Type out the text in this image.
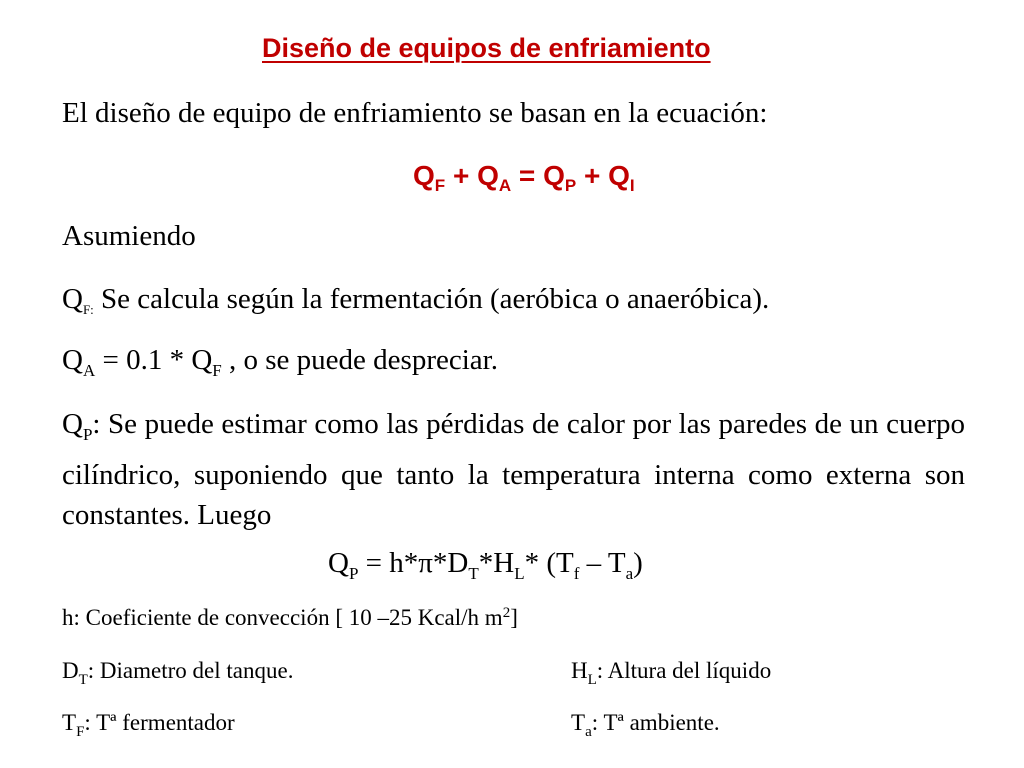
Diseño de equipos de enfriamiento
El diseño de equipo de enfriamiento se basan en la ecuación:
$Q_F + Q_A = Q_P + Q_I$
Asumiendo
$Q_{F:}$ Se calcula según la fermentación (aeróbica o anaeróbica).
$Q_A = 0.1 * Q_F$ , o se puede despreciar.
$Q_P$: Se puede estimar como las pérdidas de calor por las paredes de un cuerpo cilíndrico, suponiendo que tanto la temperatura interna como externa son constantes. Luego
$Q_P = h*\pi*D_T*H_L*$ $(T_f - T_a)$
h: Coeficiente de convección [ 10 –25 Kcal/h $m^2$]
$D_T$: Diametro del tanque.	$H_L$: Altura del líquido
$T_F$: Tª fermentador	$T_a$: Tª ambiente.
